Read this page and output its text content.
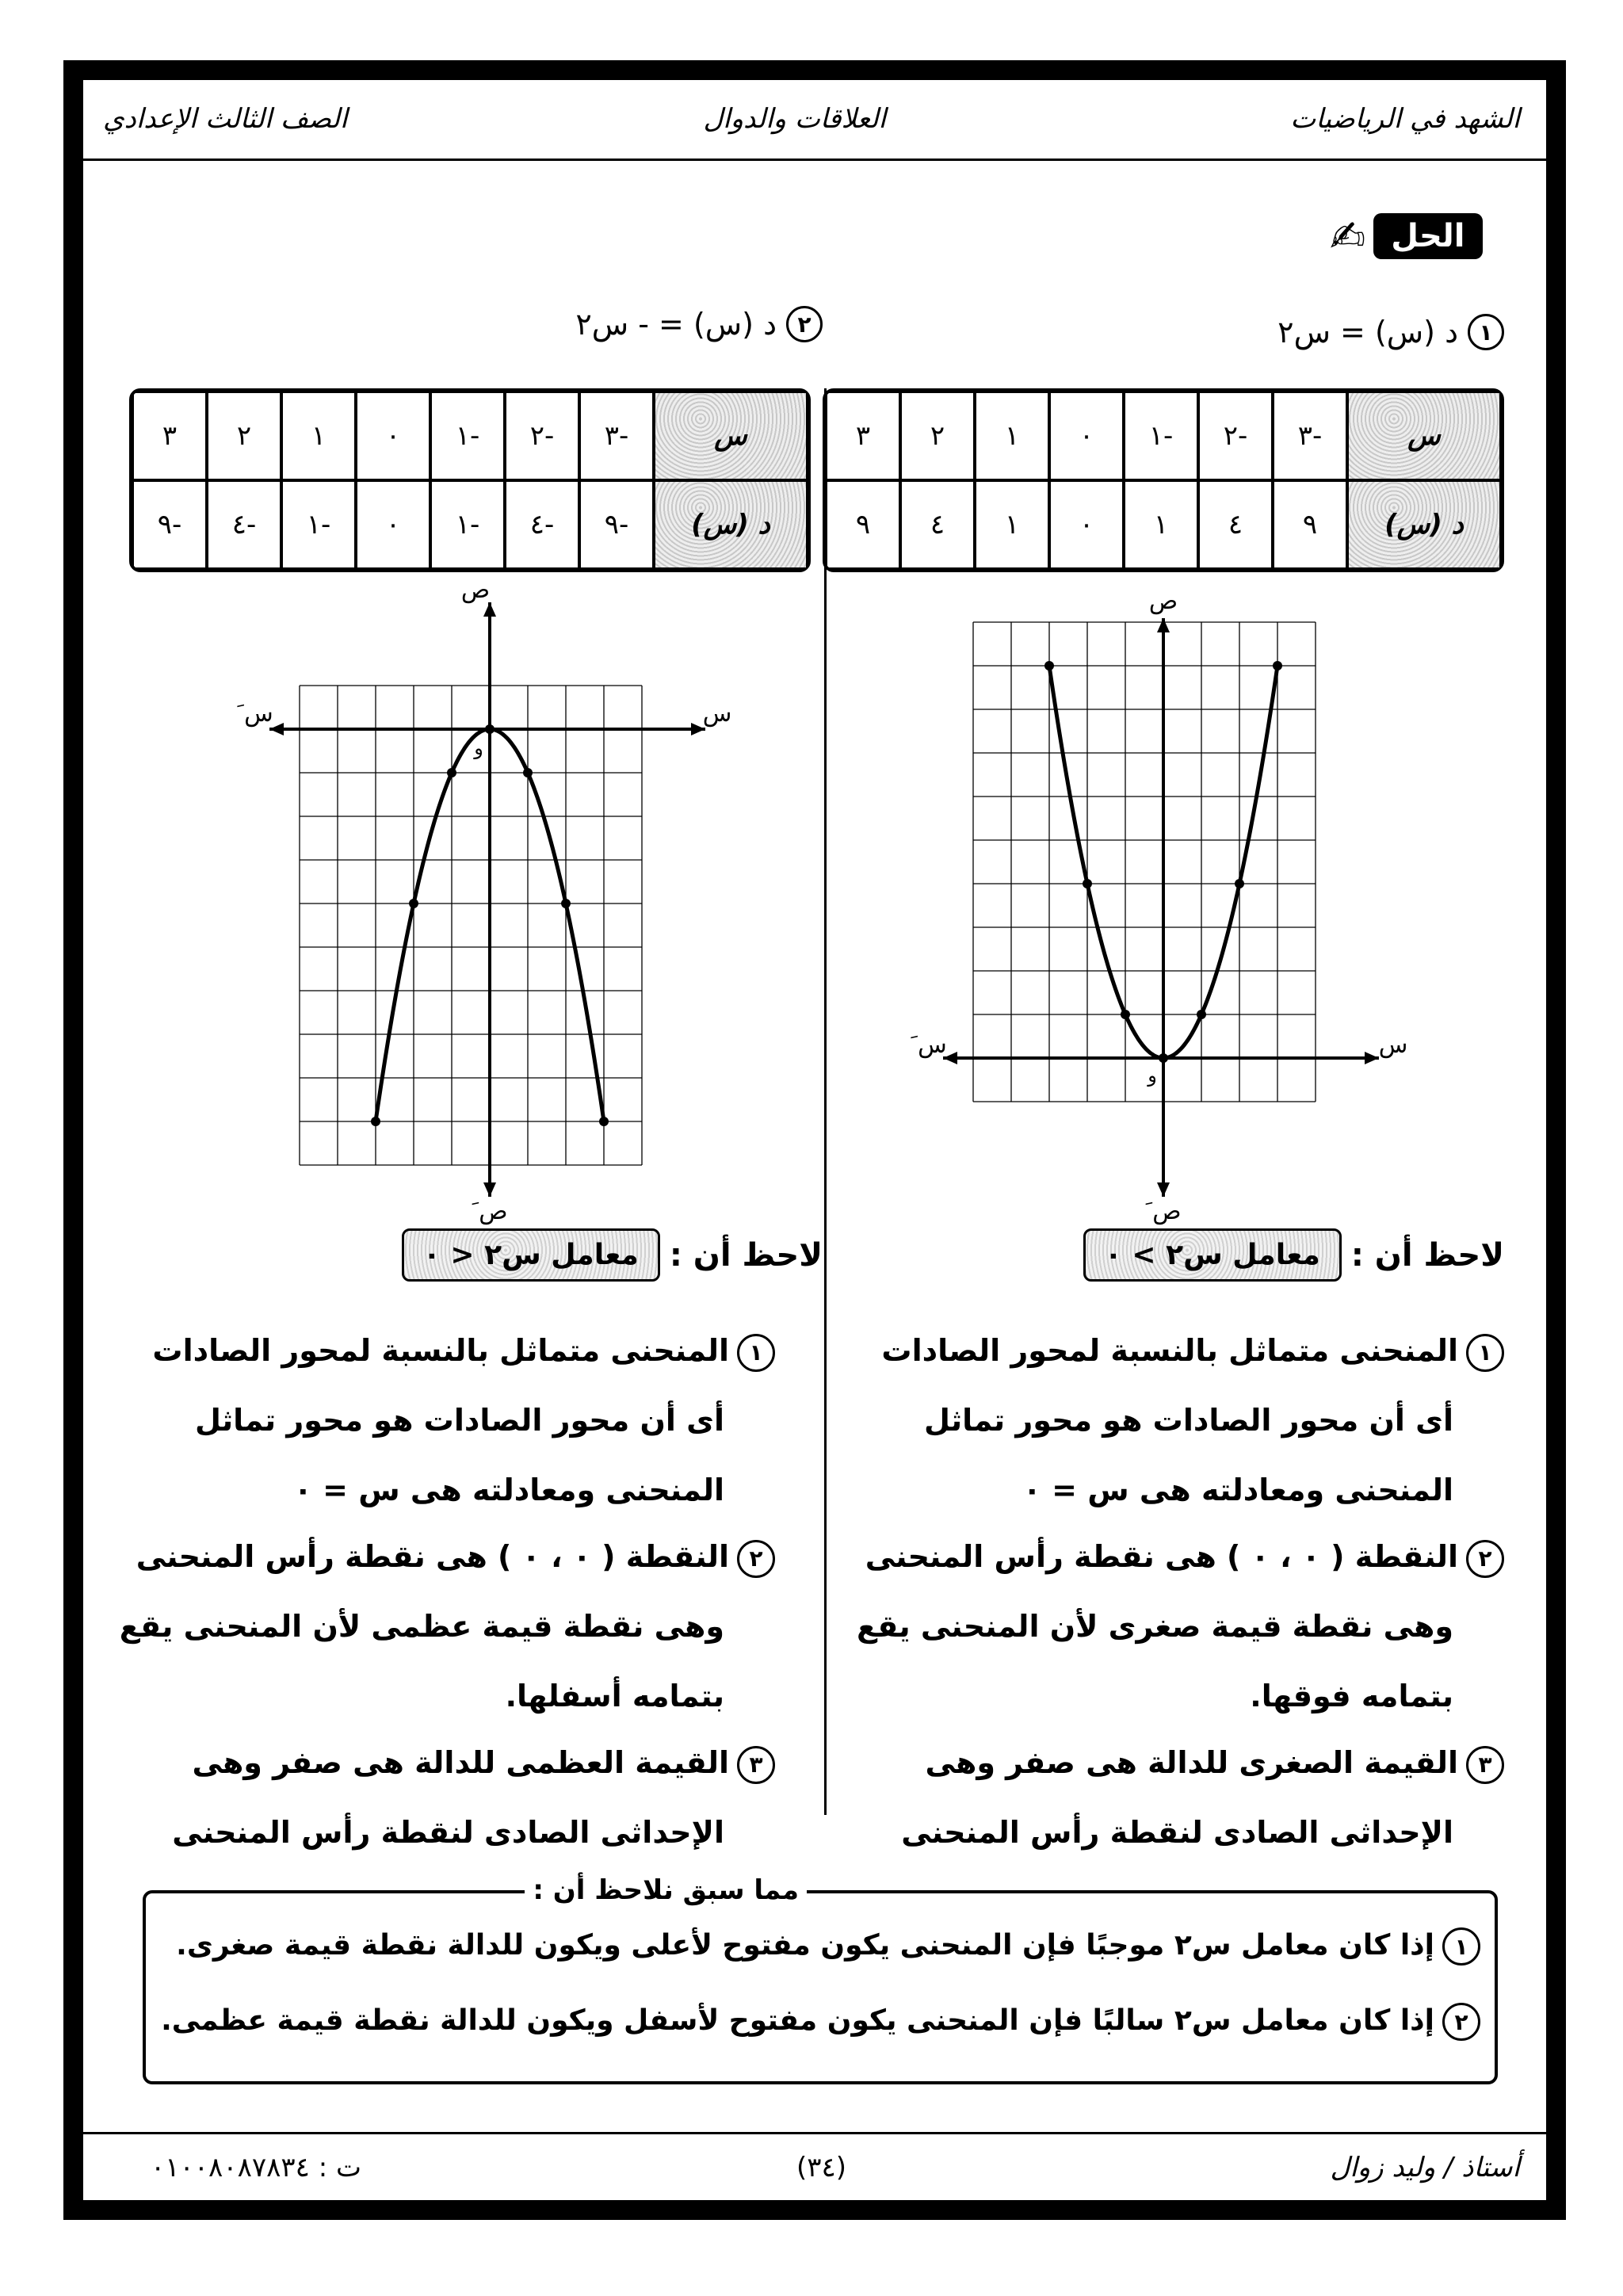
الشهد في الرياضيات
العلاقات والدوال
الصف الثالث الإعدادي
الحل
✍
١
د (س) = س٢
٢
د (س) = - س٢
س	-٣	-٢	-١	٠	١	٢	٣
د (س)	٩	٤	١	٠	١	٤	٩
س	-٣	-٢	-١	٠	١	٢	٣
د (س)	-٩	-٤	-١	٠	-١	-٤	-٩
ص
ص َ
س
س َ
و
ص
ص َ
س
س َ
و
لاحظ أن :
معامل س٢ > ٠
لاحظ أن :
معامل س٢ < ٠
١المنحنى متماثل بالنسبة لمحور الصادات
أى أن محور الصادات هو محور تماثل
المنحنى ومعادلته هى س = ٠
٢النقطة ( ٠ ، ٠ ) هى نقطة رأس المنحنى
وهى نقطة قيمة صغرى لأن المنحنى يقع
بتمامه فوقها.
٣القيمة الصغرى للدالة هى صفر وهى
الإحداثى الصادى لنقطة رأس المنحنى
١المنحنى متماثل بالنسبة لمحور الصادات
أى أن محور الصادات هو محور تماثل
المنحنى ومعادلته هى س = ٠
٢النقطة ( ٠ ، ٠ ) هى نقطة رأس المنحنى
وهى نقطة قيمة عظمى لأن المنحنى يقع
بتمامه أسفلها.
٣القيمة العظمى للدالة هى صفر وهى
الإحداثى الصادى لنقطة رأس المنحنى
مما سبق نلاحظ أن :
١إذا كان معامل س٢ موجبًا فإن المنحنى يكون مفتوح لأعلى ويكون للدالة نقطة قيمة صغرى.
٢إذا كان معامل س٢ سالبًا فإن المنحنى يكون مفتوح لأسفل ويكون للدالة نقطة قيمة عظمى.
أستاذ / وليد زوال
(٣٤)
ت : ٠١٠٠٨٠٨٧٨٣٤
